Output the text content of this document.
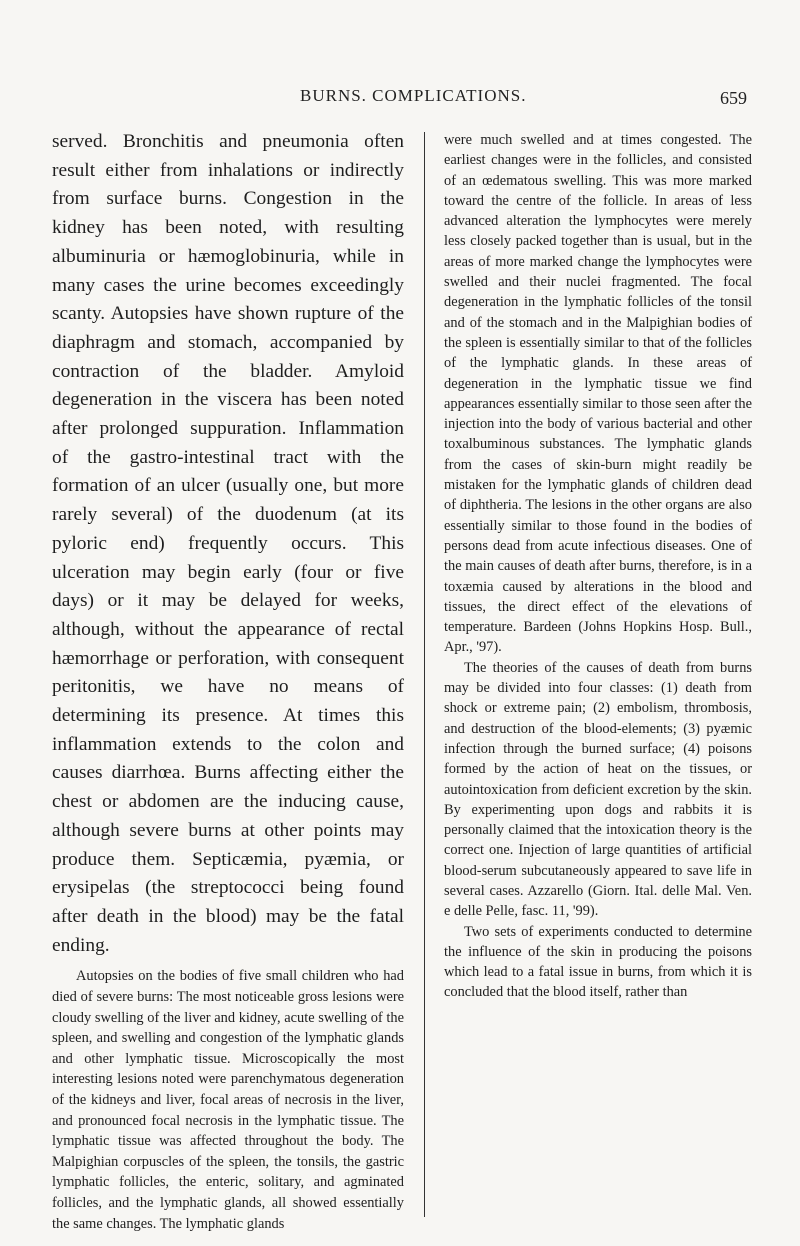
BURNS. COMPLICATIONS.	659

served. Bronchitis and pneumonia often result either from inhalations or indirectly from surface burns. Congestion in the kidney has been noted, with resulting albuminuria or hæmoglobinuria, while in many cases the urine becomes exceedingly scanty. Autopsies have shown rupture of the diaphragm and stomach, accompanied by contraction of the bladder. Amyloid degeneration in the viscera has been noted after prolonged suppuration. Inflammation of the gastro-intestinal tract with the formation of an ulcer (usually one, but more rarely several) of the duodenum (at its pyloric end) frequently occurs. This ulceration may begin early (four or five days) or it may be delayed for weeks, although, without the appearance of rectal hæmorrhage or perforation, with consequent peritonitis, we have no means of determining its presence. At times this inflammation extends to the colon and causes diarrhœa. Burns affecting either the chest or abdomen are the inducing cause, although severe burns at other points may produce them. Septicæmia, pyæmia, or erysipelas (the streptococci being found after death in the blood) may be the fatal ending.

Autopsies on the bodies of five small children who had died of severe burns: The most noticeable gross lesions were cloudy swelling of the liver and kidney, acute swelling of the spleen, and swelling and congestion of the lymphatic glands and other lymphatic tissue. Microscopically the most interesting lesions noted were parenchymatous degeneration of the kidneys and liver, focal areas of necrosis in the liver, and pronounced focal necrosis in the lymphatic tissue. The lymphatic tissue was affected throughout the body. The Malpighian corpuscles of the spleen, the tonsils, the gastric lymphatic follicles, the enteric, solitary, and agminated follicles, and the lymphatic glands, all showed essentially the same changes. The lymphatic glands

were much swelled and at times congested. The earliest changes were in the follicles, and consisted of an œdematous swelling. This was more marked toward the centre of the follicle. In areas of less advanced alteration the lymphocytes were merely less closely packed together than is usual, but in the areas of more marked change the lymphocytes were swelled and their nuclei fragmented. The focal degeneration in the lymphatic follicles of the tonsil and of the stomach and in the Malpighian bodies of the spleen is essentially similar to that of the follicles of the lymphatic glands. In these areas of degeneration in the lymphatic tissue we find appearances essentially similar to those seen after the injection into the body of various bacterial and other toxalbuminous substances. The lymphatic glands from the cases of skin-burn might readily be mistaken for the lymphatic glands of children dead of diphtheria. The lesions in the other organs are also essentially similar to those found in the bodies of persons dead from acute infectious diseases. One of the main causes of death after burns, therefore, is in a toxæmia caused by alterations in the blood and tissues, the direct effect of the elevations of temperature. Bardeen (Johns Hopkins Hosp. Bull., Apr., '97).

The theories of the causes of death from burns may be divided into four classes: (1) death from shock or extreme pain; (2) embolism, thrombosis, and destruction of the blood-elements; (3) pyæmic infection through the burned surface; (4) poisons formed by the action of heat on the tissues, or autointoxication from deficient excretion by the skin. By experimenting upon dogs and rabbits it is personally claimed that the intoxication theory is the correct one. Injection of large quantities of artificial blood-serum subcutaneously appeared to save life in several cases. Azzarello (Giorn. Ital. delle Mal. Ven. e delle Pelle, fasc. 11, '99).

Two sets of experiments conducted to determine the influence of the skin in producing the poisons which lead to a fatal issue in burns, from which it is concluded that the blood itself, rather than
